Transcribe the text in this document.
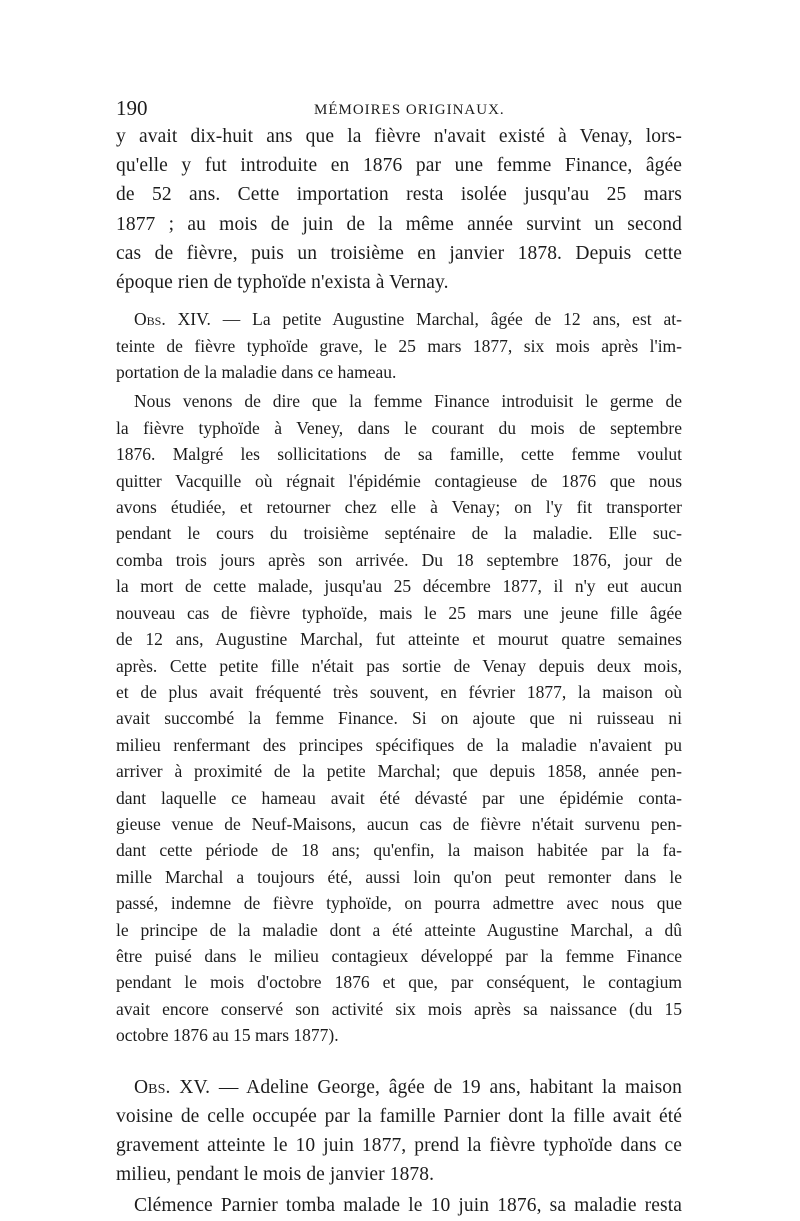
190	MÉMOIRES ORIGINAUX.

y avait dix-huit ans que la fièvre n'avait existé à Venay, lors-
qu'elle y fut introduite en 1876 par une femme Finance, âgée
de 52 ans. Cette importation resta isolée jusqu'au 25 mars
1877 ; au mois de juin de la même année survint un second
cas de fièvre, puis un troisième en janvier 1878. Depuis cette
époque rien de typhoïde n'exista à Vernay.

Obs. XIV. — La petite Augustine Marchal, âgée de 12 ans, est at-
teinte de fièvre typhoïde grave, le 25 mars 1877, six mois après l'im-
portation de la maladie dans ce hameau.

Nous venons de dire que la femme Finance introduisit le germe de
la fièvre typhoïde à Veney, dans le courant du mois de septembre
1876. Malgré les sollicitations de sa famille, cette femme voulut
quitter Vacquille où régnait l'épidémie contagieuse de 1876 que nous
avons étudiée, et retourner chez elle à Venay; on l'y fit transporter
pendant le cours du troisième septénaire de la maladie. Elle suc-
comba trois jours après son arrivée. Du 18 septembre 1876, jour de
la mort de cette malade, jusqu'au 25 décembre 1877, il n'y eut aucun
nouveau cas de fièvre typhoïde, mais le 25 mars une jeune fille âgée
de 12 ans, Augustine Marchal, fut atteinte et mourut quatre semaines
après. Cette petite fille n'était pas sortie de Venay depuis deux mois,
et de plus avait fréquenté très souvent, en février 1877, la maison où
avait succombé la femme Finance. Si on ajoute que ni ruisseau ni
milieu renfermant des principes spécifiques de la maladie n'avaient pu
arriver à proximité de la petite Marchal; que depuis 1858, année pen-
dant laquelle ce hameau avait été dévasté par une épidémie conta-
gieuse venue de Neuf-Maisons, aucun cas de fièvre n'était survenu pen-
dant cette période de 18 ans; qu'enfin, la maison habitée par la fa-
mille Marchal a toujours été, aussi loin qu'on peut remonter dans le
passé, indemne de fièvre typhoïde, on pourra admettre avec nous que
le principe de la maladie dont a été atteinte Augustine Marchal, a dû
être puisé dans le milieu contagieux développé par la femme Finance
pendant le mois d'octobre 1876 et que, par conséquent, le contagium
avait encore conservé son activité six mois après sa naissance (du 15
octobre 1876 au 15 mars 1877).

Obs. XV. — Adeline George, âgée de 19 ans, habitant la maison
voisine de celle occupée par la famille Parnier dont la fille avait été
gravement atteinte le 10 juin 1877, prend la fièvre typhoïde dans ce
milieu, pendant le mois de janvier 1878.

Clémence Parnier tomba malade le 10 juin 1876, sa maladie resta
